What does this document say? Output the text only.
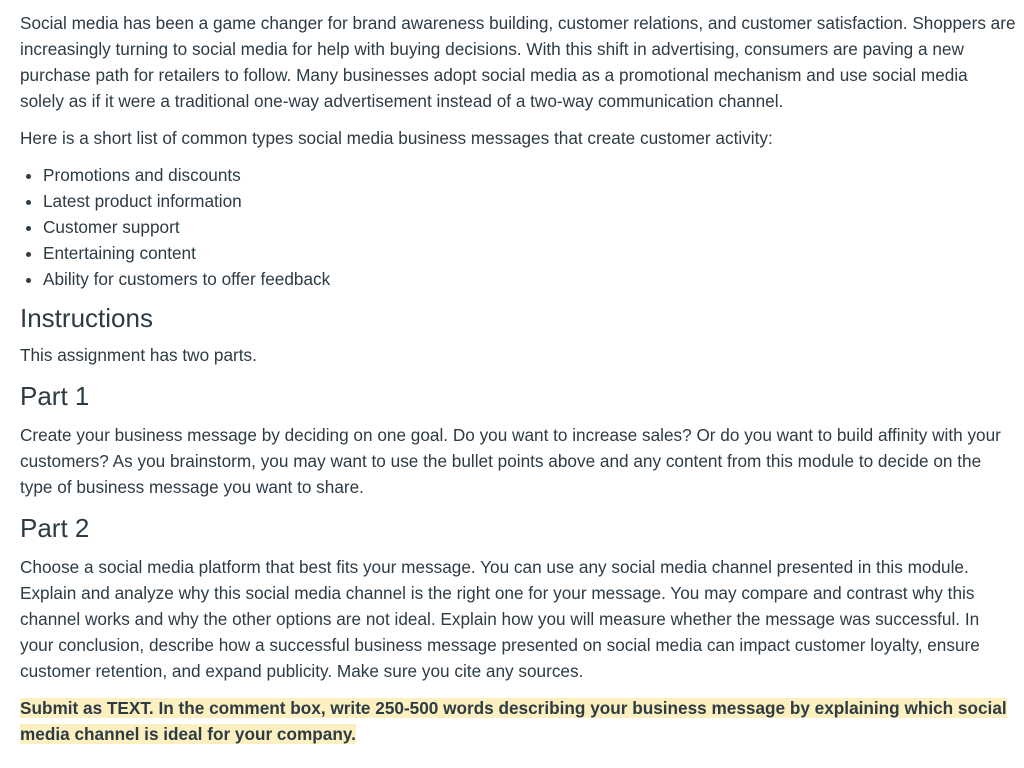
Social media has been a game changer for brand awareness building, customer relations, and customer satisfaction. Shoppers are increasingly turning to social media for help with buying decisions. With this shift in advertising, consumers are paving a new purchase path for retailers to follow. Many businesses adopt social media as a promotional mechanism and use social media solely as if it were a traditional one-way advertisement instead of a two-way communication channel.

Here is a short list of common types social media business messages that create customer activity:

• Promotions and discounts
• Latest product information
• Customer support
• Entertaining content
• Ability for customers to offer feedback
Instructions

This assignment has two parts.

Part 1

Create your business message by deciding on one goal. Do you want to increase sales? Or do you want to build affinity with your customers? As you brainstorm, you may want to use the bullet points above and any content from this module to decide on the type of business message you want to share.

Part 2

Choose a social media platform that best fits your message. You can use any social media channel presented in this module. Explain and analyze why this social media channel is the right one for your message. You may compare and contrast why this channel works and why the other options are not ideal. Explain how you will measure whether the message was successful. In your conclusion, describe how a successful business message presented on social media can impact customer loyalty, ensure customer retention, and expand publicity. Make sure you cite any sources.

Submit as TEXT. In the comment box, write 250-500 words describing your business message by explaining which social media channel is ideal for your company.
